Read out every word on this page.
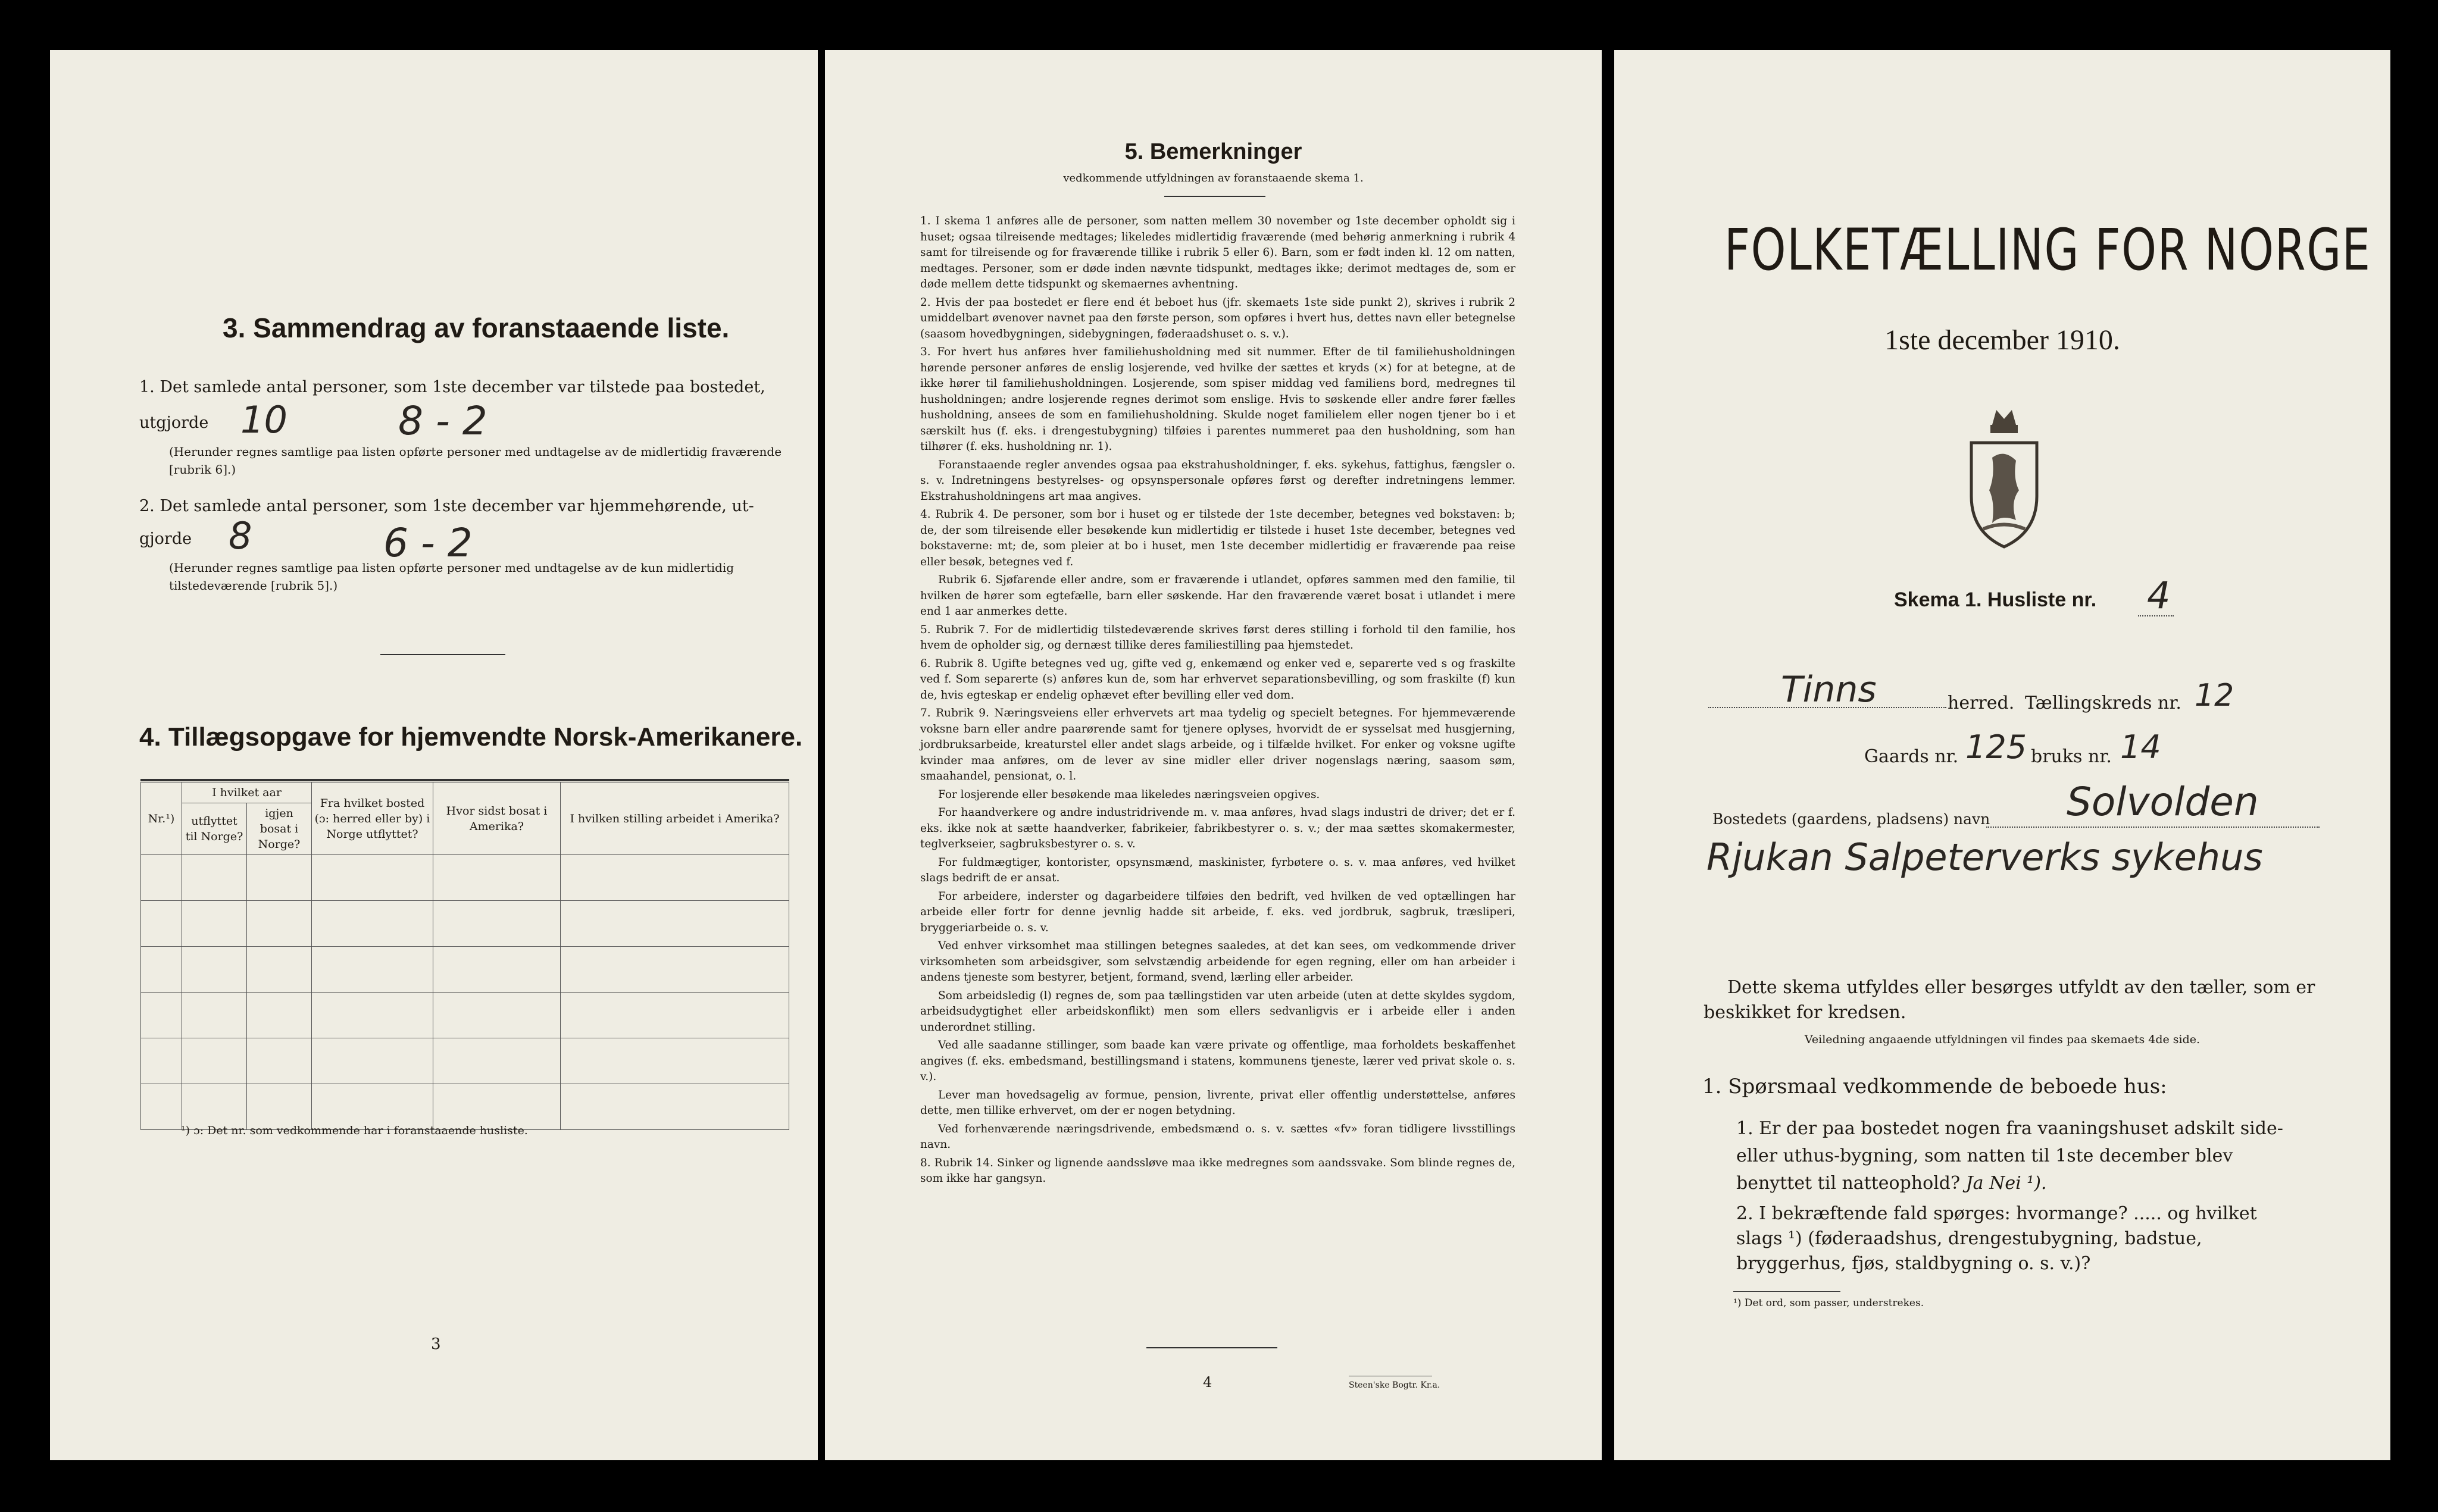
3. Sammendrag av foranstaaende liste.
1. Det samlede antal personer, som 1ste december var tilstede paa bostedet,
utgjorde 10	8 - 2
(Herunder regnes samtlige paa listen opførte personer med undtagelse av de midlertidig fraværende [rubrik 6].)
2. Det samlede antal personer, som 1ste december var hjemmehørende, ut-
gjorde 8	6 - 2
(Herunder regnes samtlige paa listen opførte personer med undtagelse av de kun midlertidig tilstedeværende [rubrik 5].)
4. Tillægsopgave for hjemvendte Norsk-Amerikanere.
Nr.¹)	I hvilket aar		Fra hvilket bosted (ɔ: herred eller by) i Norge utflyttet?	Hvor sidst bosat i Amerika?	I hvilken stilling arbeidet i Amerika?
	utflyttet til Norge?	igjen bosat i Norge?			

¹) ɔ: Det nr. som vedkommende har i foranstaaende husliste.
3
5. Bemerkninger
vedkommende utfyldningen av foranstaaende skema 1.

1. I skema 1 anføres alle de personer, som natten mellem 30 november og 1ste december opholdt sig i huset; ogsaa tilreisende medtages; likeledes midlertidig fraværende (med behørig anmerkning i rubrik 4 samt for tilreisende og for fraværende tillike i rubrik 5 eller 6). Barn, som er født inden kl. 12 om natten, medtages. Personer, som er døde inden nævnte tidspunkt, medtages ikke; derimot medtages de, som er døde mellem dette tidspunkt og skemaernes avhentning.

2. Hvis der paa bostedet er flere end ét beboet hus (jfr. skemaets 1ste side punkt 2), skrives i rubrik 2 umiddelbart øvenover navnet paa den første person, som opføres i hvert hus, dettes navn eller betegnelse (saasom hovedbygningen, sidebygningen, føderaadshuset o. s. v.).

3. For hvert hus anføres hver familiehusholdning med sit nummer. Efter de til familiehusholdningen hørende personer anføres de enslig losjerende, ved hvilke der sættes et kryds (×) for at betegne, at de ikke hører til familiehusholdningen. Losjerende, som spiser middag ved familiens bord, medregnes til husholdningen; andre losjerende regnes derimot som enslige. Hvis to søskende eller andre fører fælles husholdning, ansees de som en familiehusholdning. Skulde noget familielem eller nogen tjener bo i et særskilt hus (f. eks. i drengestubygning) tilføies i parentes nummeret paa den husholdning, som han tilhører (f. eks. husholdning nr. 1).

Foranstaaende regler anvendes ogsaa paa ekstrahusholdninger, f. eks. sykehus, fattighus, fængsler o. s. v. Indretningens bestyrelses- og opsynspersonale opføres først og derefter indretningens lemmer. Ekstrahusholdningens art maa angives.

4. Rubrik 4. De personer, som bor i huset og er tilstede der 1ste december, betegnes ved bokstaven: b; de, der som tilreisende eller besøkende kun midlertidig er tilstede i huset 1ste december, betegnes ved bokstaverne: mt; de, som pleier at bo i huset, men 1ste december midlertidig er fraværende paa reise eller besøk, betegnes ved f.

Rubrik 6. Sjøfarende eller andre, som er fraværende i utlandet, opføres sammen med den familie, til hvilken de hører som egtefælle, barn eller søskende. Har den fraværende været bosat i utlandet i mere end 1 aar anmerkes dette.

5. Rubrik 7. For de midlertidig tilstedeværende skrives først deres stilling i forhold til den familie, hos hvem de opholder sig, og dernæst tillike deres familiestilling paa hjemstedet.

6. Rubrik 8. Ugifte betegnes ved ug, gifte ved g, enkemænd og enker ved e, separerte ved s og fraskilte ved f. Som separerte (s) anføres kun de, som har erhvervet separationsbevilling, og som fraskilte (f) kun de, hvis egteskap er endelig ophævet efter bevilling eller ved dom.

7. Rubrik 9. Næringsveiens eller erhvervets art maa tydelig og specielt betegnes. For hjemmeværende voksne barn eller andre paarørende samt for tjenere oplyses, hvorvidt de er sysselsat med husgjerning, jordbruksarbeide, kreaturstel eller andet slags arbeide, og i tilfælde hvilket. For enker og voksne ugifte kvinder maa anføres, om de lever av sine midler eller driver nogenslags næring, saasom søm, smaahandel, pensionat, o. l.

For losjerende eller besøkende maa likeledes næringsveien opgives.

For haandverkere og andre industridrivende m. v. maa anføres, hvad slags industri de driver; det er f. eks. ikke nok at sætte haandverker, fabrikeier, fabrikbestyrer o. s. v.; der maa sættes skomakermester, teglverkseier, sagbruksbestyrer o. s. v.

For fuldmægtiger, kontorister, opsynsmænd, maskinister, fyrbøtere o. s. v. maa anføres, ved hvilket slags bedrift de er ansat.

For arbeidere, inderster og dagarbeidere tilføies den bedrift, ved hvilken de ved optællingen har arbeide eller fortr for denne jevnlig hadde sit arbeide, f. eks. ved jordbruk, sagbruk, træsliperi, bryggeriarbeide o. s. v.

Ved enhver virksomhet maa stillingen betegnes saaledes, at det kan sees, om vedkommende driver virksomheten som arbeidsgiver, som selvstændig arbeidende for egen regning, eller om han arbeider i andens tjeneste som bestyrer, betjent, formand, svend, lærling eller arbeider.

Som arbeidsledig (l) regnes de, som paa tællingstiden var uten arbeide (uten at dette skyldes sygdom, arbeidsudygtighet eller arbeidskonflikt) men som ellers sedvanligvis er i arbeide eller i anden underordnet stilling.

Ved alle saadanne stillinger, som baade kan være private og offentlige, maa forholdets beskaffenhet angives (f. eks. embedsmand, bestillingsmand i statens, kommunens tjeneste, lærer ved privat skole o. s. v.).

Lever man hovedsagelig av formue, pension, livrente, privat eller offentlig understøttelse, anføres dette, men tillike erhvervet, om der er nogen betydning.

Ved forhenværende næringsdrivende, embedsmænd o. s. v. sættes «fv» foran tidligere livsstillings navn.

8. Rubrik 14. Sinker og lignende aandssløve maa ikke medregnes som aandssvake. Som blinde regnes de, som ikke har gangsyn.

4	Steen'ske Bogtr. Kr.a.
FOLKETÆLLING FOR NORGE
1ste december 1910.
Skema 1. Husliste nr. 4
Tinns	herred. Tællingskreds nr. 12
Gaards nr. 125 bruks nr. 14
Bostedets (gaardens, pladsens) navn Solvolden
Rjukan Salpeterverks sykehus
Dette skema utfyldes eller besørges utfyldt av den tæller, som er beskikket for kredsen.
Veiledning angaaende utfyldningen vil findes paa skemaets 4de side.
1. Spørsmaal vedkommende de beboede hus:
1. Er der paa bostedet nogen fra vaaningshuset adskilt side- eller uthus-bygning, som natten til 1ste december blev benyttet til natteophold? Ja Nei ¹).
2. I bekræftende fald spørges: hvormange? ..... og hvilket slags ¹) (føderaadshus, drengestubygning, badstue, bryggerhus, fjøs, staldbygning o. s. v.)?
¹) Det ord, som passer, understrekes.
